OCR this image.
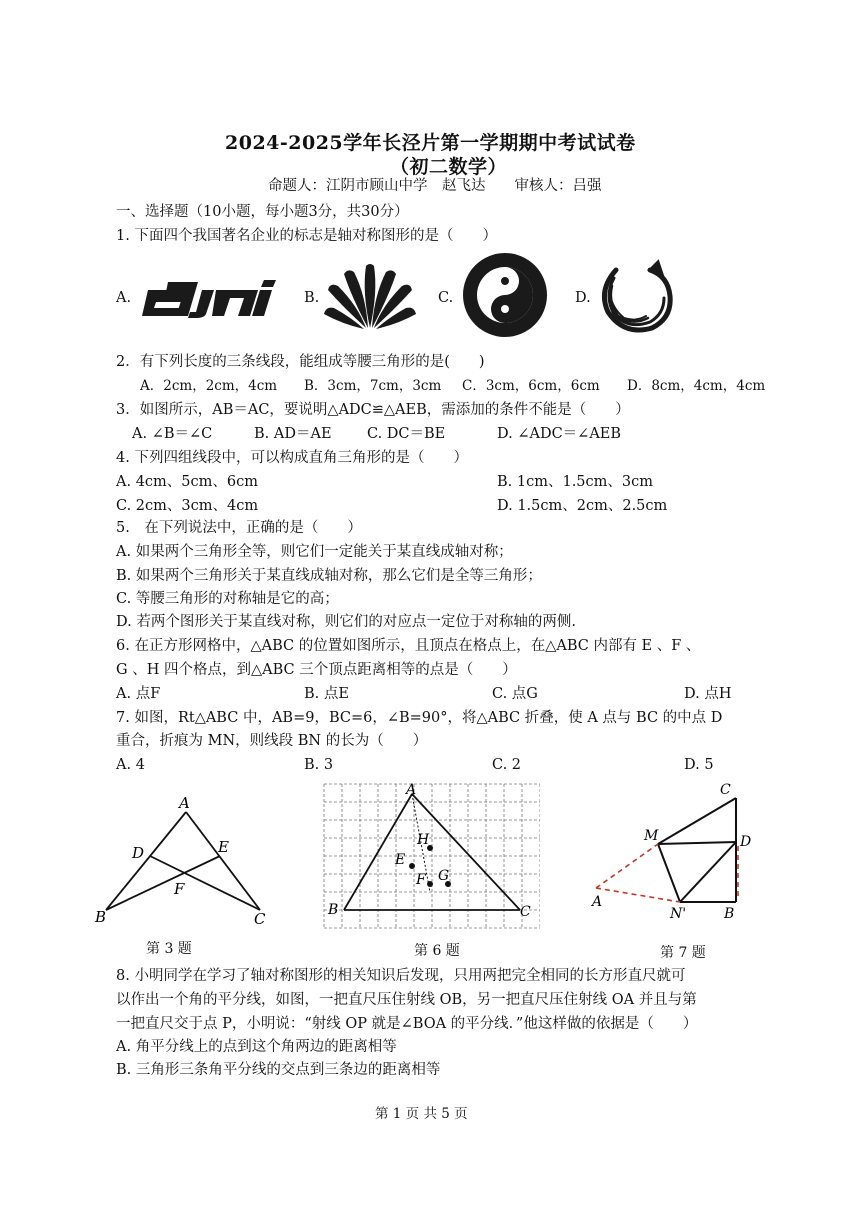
2024-2025学年长泾片第一学期期中考试试卷
（初二数学）
命题人：江阴市顾山中学　赵飞达　　审核人：吕强
一、选择题（10小题，每小题3分，共30分）
1. 下面四个我国著名企业的标志是轴对称图形的是（　　）
A.	B.	C.	D.
2．有下列长度的三条线段，能组成等腰三角形的是(　　)
A．2cm，2cm，4cm B．3cm，7cm，3cm C．3cm，6cm，6cm D．8cm，4cm，4cm
3．如图所示，AB＝AC，要说明△ADC≌△AEB，需添加的条件不能是（　　）
A. ∠B＝∠C	B. AD＝AE C. DC＝BE	D. ∠ADC＝∠AEB
4. 下列四组线段中，可以构成直角三角形的是（　　）
A. 4cm、5cm、6cm	B. 1cm、1.5cm、3cm
C. 2cm、3cm、4cm	D. 1.5cm、2cm、2.5cm
5.　在下列说法中，正确的是（　　）
A. 如果两个三角形全等，则它们一定能关于某直线成轴对称；
B. 如果两个三角形关于某直线成轴对称，那么它们是全等三角形；
C. 等腰三角形的对称轴是它的高；
D. 若两个图形关于某直线对称，则它们的对应点一定位于对称轴的两侧.
6. 在正方形网格中，△ABC 的位置如图所示，且顶点在格点上，在△ABC 内部有 E 、F 、
G 、H 四个格点，到△ABC 三个顶点距离相等的点是（　　）
A. 点F	B. 点E	C. 点G	D. 点H
7. 如图，Rt△ABC 中，AB=9，BC=6，∠B=90°，将△ABC 折叠，使 A 点与 BC 的中点 D
重合，折痕为 MN，则线段 BN 的长为（　　）
A. 4	B. 3	C. 2	D. 5
A
B	C
D	E
F
第 3 题
A
B	C
H
E
F G
第 6 题
C
M	D
A
N'	B
第 7 题
8. 小明同学在学习了轴对称图形的相关知识后发现，只用两把完全相同的长方形直尺就可
以作出一个角的平分线，如图，一把直尺压住射线 OB，另一把直尺压住射线 OA 并且与第
一把直尺交于点 P，小明说：“射线 OP 就是∠BOA 的平分线．”他这样做的依据是（　　）
A. 角平分线上的点到这个角两边的距离相等
B. 三角形三条角平分线的交点到三条边的距离相等
第 1 页 共 5 页
